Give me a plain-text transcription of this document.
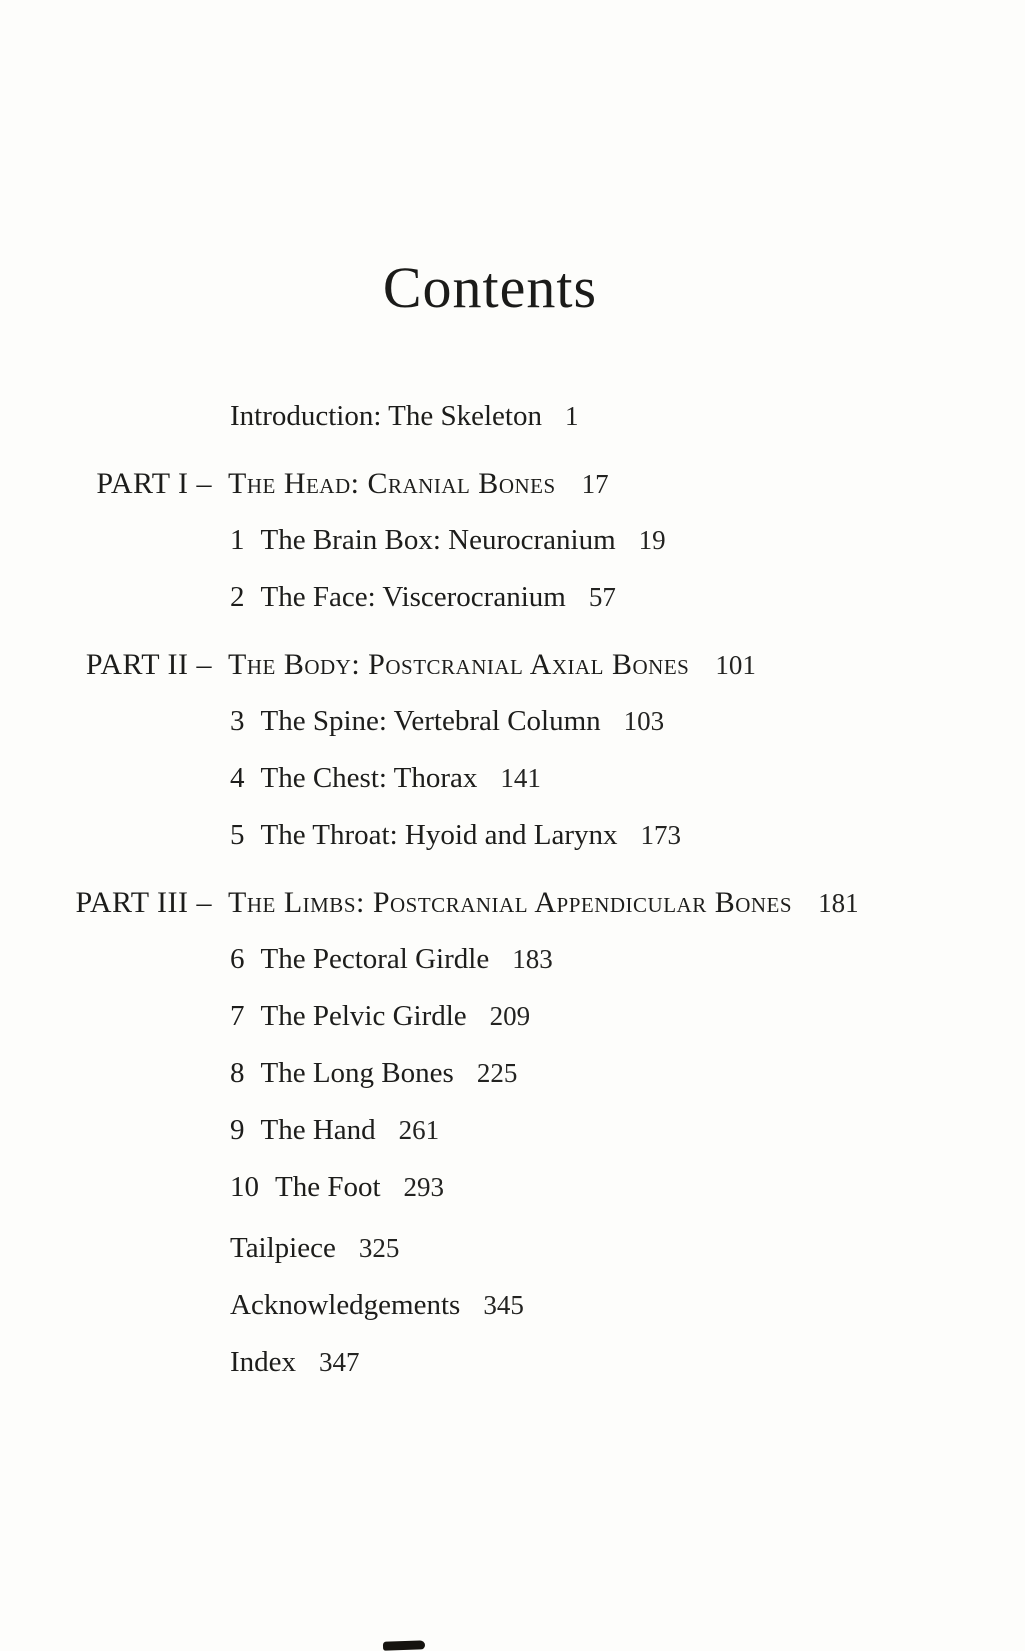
Contents
Introduction: The Skeleton 1
PART I – The Head: Cranial Bones 17
1 The Brain Box: Neurocranium 19
2 The Face: Viscerocranium 57
PART II – The Body: Postcranial Axial Bones 101
3 The Spine: Vertebral Column 103
4 The Chest: Thorax 141
5 The Throat: Hyoid and Larynx 173
PART III – The Limbs: Postcranial Appendicular Bones 181
6 The Pectoral Girdle 183
7 The Pelvic Girdle 209
8 The Long Bones 225
9 The Hand 261
10 The Foot 293
Tailpiece 325
Acknowledgements 345
Index 347
